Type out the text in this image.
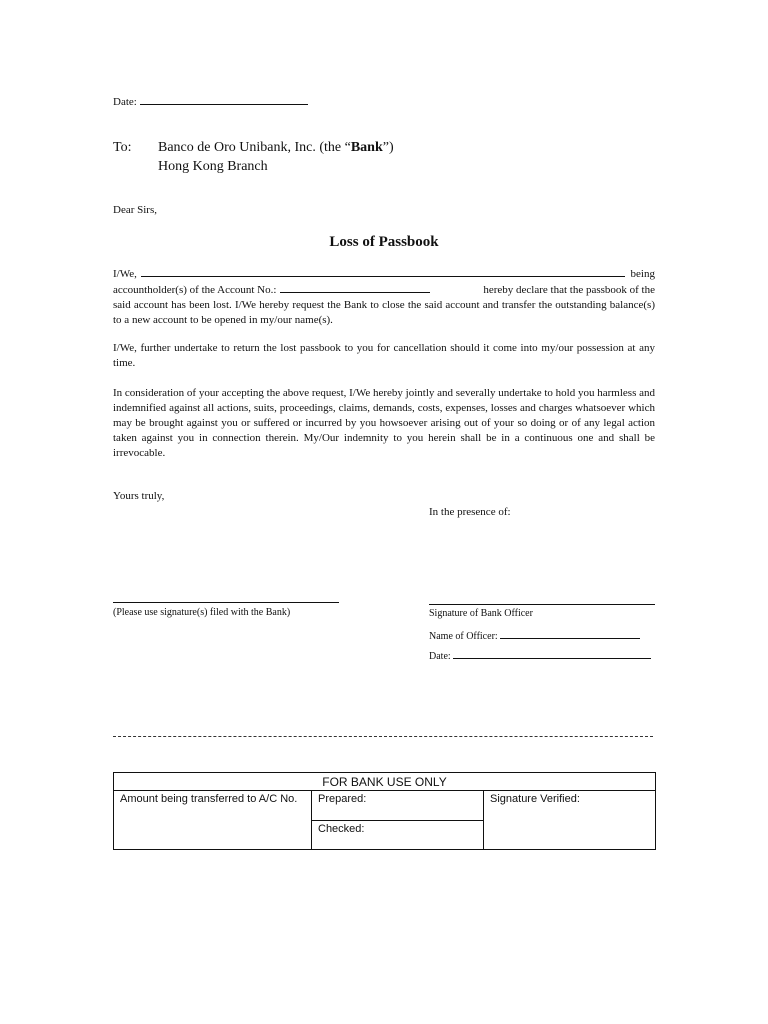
Date:
To: Banco de Oro Unibank, Inc. (the “Bank”)
Hong Kong Branch
Dear Sirs,
Loss of Passbook
I/We,	being
accountholder(s) of the Account No.:	hereby declare that the passbook of the
said account has been lost. I/We hereby request the Bank to close the said account and transfer the outstanding balance(s) to a new account to be opened in my/our name(s).
I/We, further undertake to return the lost passbook to you for cancellation should it come into my/our possession at any time.
In consideration of your accepting the above request, I/We hereby jointly and severally undertake to hold you harmless and indemnified against all actions, suits, proceedings, claims, demands, costs, expenses, losses and charges whatsoever which may be brought against you or suffered or incurred by you howsoever arising out of your so doing or of any legal action taken against you in connection therein. My/Our indemnity to you herein shall be in a continuous one and shall be irrevocable.
Yours truly,
In the presence of:
(Please use signature(s) filed with the Bank)	Signature of Bank Officer
Name of Officer:
Date:
FOR BANK USE ONLY
Amount being transferred to A/C No.	Prepared:	Signature Verified:
Checked:
